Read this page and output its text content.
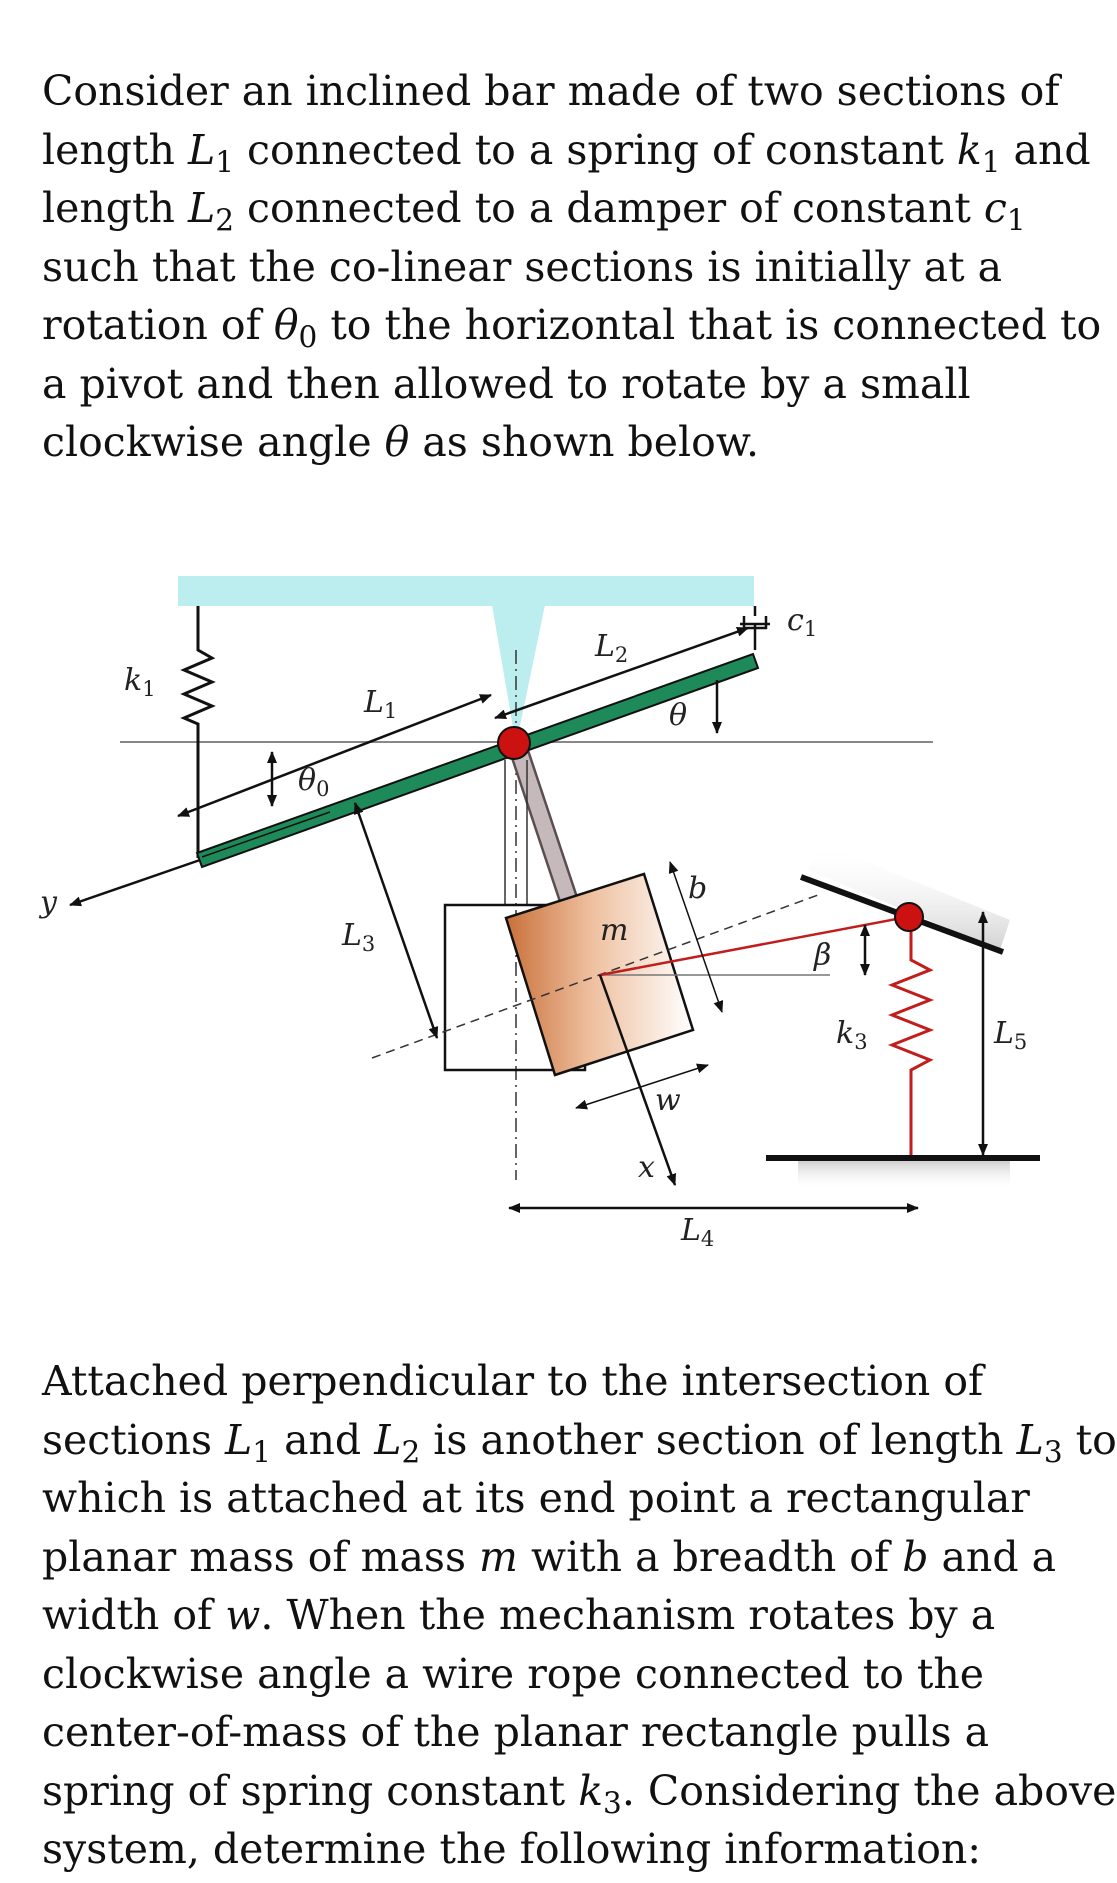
Consider an inclined bar made of two sections of
length $L_1$ connected to a spring of constant $k_1$ and
length $L_2$ connected to a damper of constant $c_1$
such that the co-linear sections is initially at a
rotation of $\theta_0$ to the horizontal that is connected to
a pivot and then allowed to rotate by a small
clockwise angle θ as shown below.
$k_1$
$c_1$
$L_1$
$L_2$
θ
$\theta_0$
y
$L_3$	m
b
w
x
β
$k_3$	$L_5$
$L_4$
Attached perpendicular to the intersection of
sections $L_1$ and $L_2$ is another section of length $L_3$ to
which is attached at its end point a rectangular
planar mass of mass m with a breadth of b and a
width of w. When the mechanism rotates by a
clockwise angle a wire rope connected to the
center-of-mass of the planar rectangle pulls a
spring of spring constant $k_3$. Considering the above
system, determine the following information:
